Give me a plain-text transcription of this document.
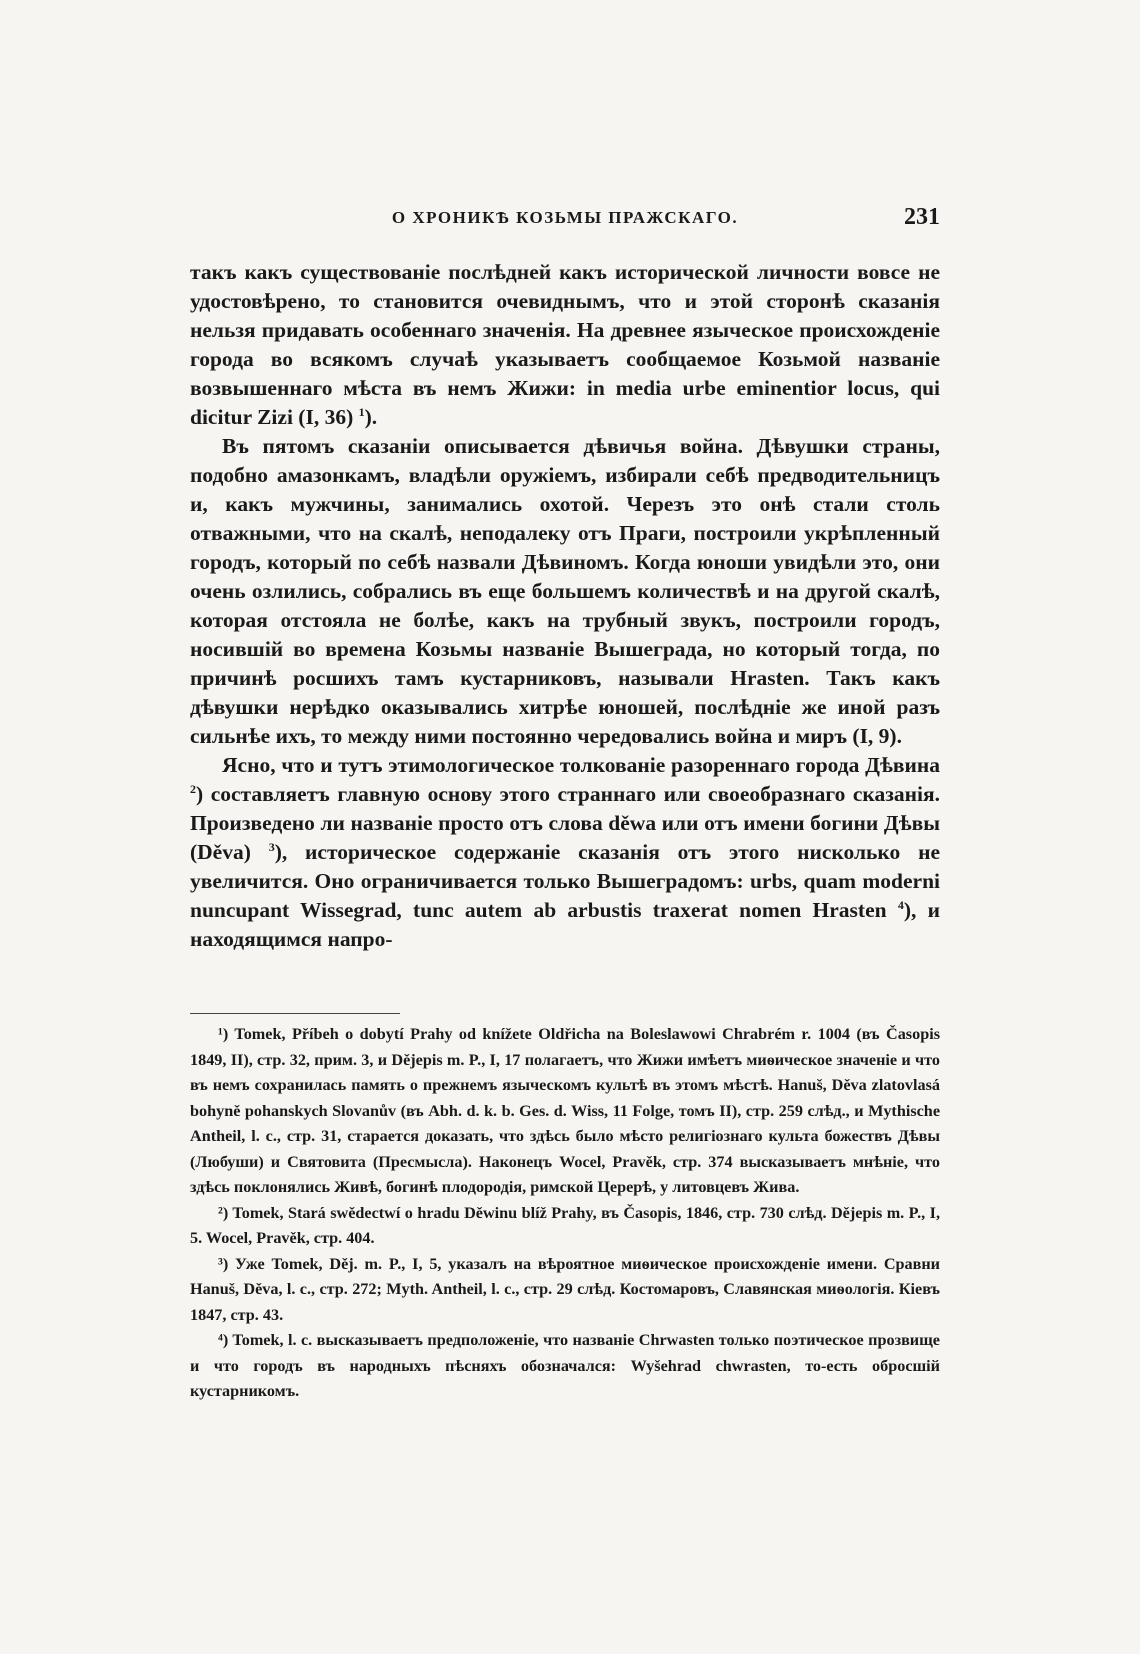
О ХРОНИКѢ КОЗЬМЫ ПРАЖСКАГО.	231

такъ какъ существованіе послѣдней какъ исторической личности вовсе не удостовѣрено, то становится очевиднымъ, что и этой сторонѣ сказанія нельзя придавать особеннаго значенія. На древнее языческое происхожденіе города во всякомъ случаѣ указываетъ сообщаемое Козьмой названіе возвышеннаго мѣста въ немъ Жижи: in media urbe eminentior locus, qui dicitur Zizi (I, 36) $^1$).

Въ пятомъ сказаніи описывается дѣвичья война. Дѣвушки страны, подобно амазонкамъ, владѣли оружіемъ, избирали себѣ предводительницъ и, какъ мужчины, занимались охотой. Черезъ это онѣ стали столь отважными, что на скалѣ, неподалеку отъ Праги, построили укрѣпленный городъ, который по себѣ назвали Дѣвиномъ. Когда юноши увидѣли это, они очень озлились, собрались въ еще большемъ количествѣ и на другой скалѣ, которая отстояла не болѣе, какъ на трубный звукъ, построили городъ, носившій во времена Козьмы названіе Вышеграда, но который тогда, по причинѣ росшихъ тамъ кустарниковъ, называли Hrasten. Такъ какъ дѣвушки нерѣдко оказывались хитрѣе юношей, послѣдніе же иной разъ сильнѣе ихъ, то между ними постоянно чередовались война и миръ (I, 9).

Ясно, что и тутъ этимологическое толкованіе разореннаго города Дѣвина $^2$) составляетъ главную основу этого страннаго или своеобразнаго сказанія. Произведено ли названіе просто отъ слова děwa или отъ имени богини Дѣвы (Děva) $^3$), историческое содержаніе сказанія отъ этого нисколько не увеличится. Оно ограничивается только Вышеградомъ: urbs, quam moderni nuncupant Wissegrad, tunc autem ab arbustis traxerat nomen Hrasten $^4$), и находящимся напро-

¹) Tomek, Příbeh o dobytí Prahy od knížete Oldřicha na Boleslawowi Chrabrém r. 1004 (въ Časopis 1849, II), стр. 32, прим. 3, и Dějepis m. P., I, 17 полагаетъ, что Жижи имѣетъ миѳическое значеніе и что въ немъ сохранилась память о прежнемъ языческомъ культѣ въ этомъ мѣстѣ. Hanuš, Děva zlatovlasá bohyně pohanskych Slovanův (въ Abh. d. k. b. Ges. d. Wiss, 11 Folge, томъ II), стр. 259 слѣд., и Mythische Antheil, l. c., стр. 31, старается доказать, что здѣсь было мѣсто религіознаго культа божествъ Дѣвы (Любуши) и Святовита (Пресмысла). Наконецъ Wocel, Pravěk, стр. 374 высказываетъ мнѣніе, что здѣсь поклонялись Живѣ, богинѣ плодородія, римской Церерѣ, у литовцевъ Жива.

²) Tomek, Stará swědectwí o hradu Děwinu blíž Prahy, въ Časopis, 1846, стр. 730 слѣд. Dějepis m. P., I, 5. Wocel, Pravěk, стр. 404.

³) Уже Tomek, Děj. m. P., I, 5, указалъ на вѣроятное миѳическое происхожденіе имени. Сравни Hanuš, Děva, l. c., стр. 272; Myth. Antheil, l. c., стр. 29 слѣд. Костомаровъ, Славянская миѳологія. Кіевъ 1847, стр. 43.

⁴) Tomek, l. c. высказываетъ предположеніе, что названіе Chrwasten только поэтическое прозвище и что городъ въ народныхъ пѣсняхъ обозначался: Wyšehrad chwrasten, то-есть обросшій кустарникомъ.
